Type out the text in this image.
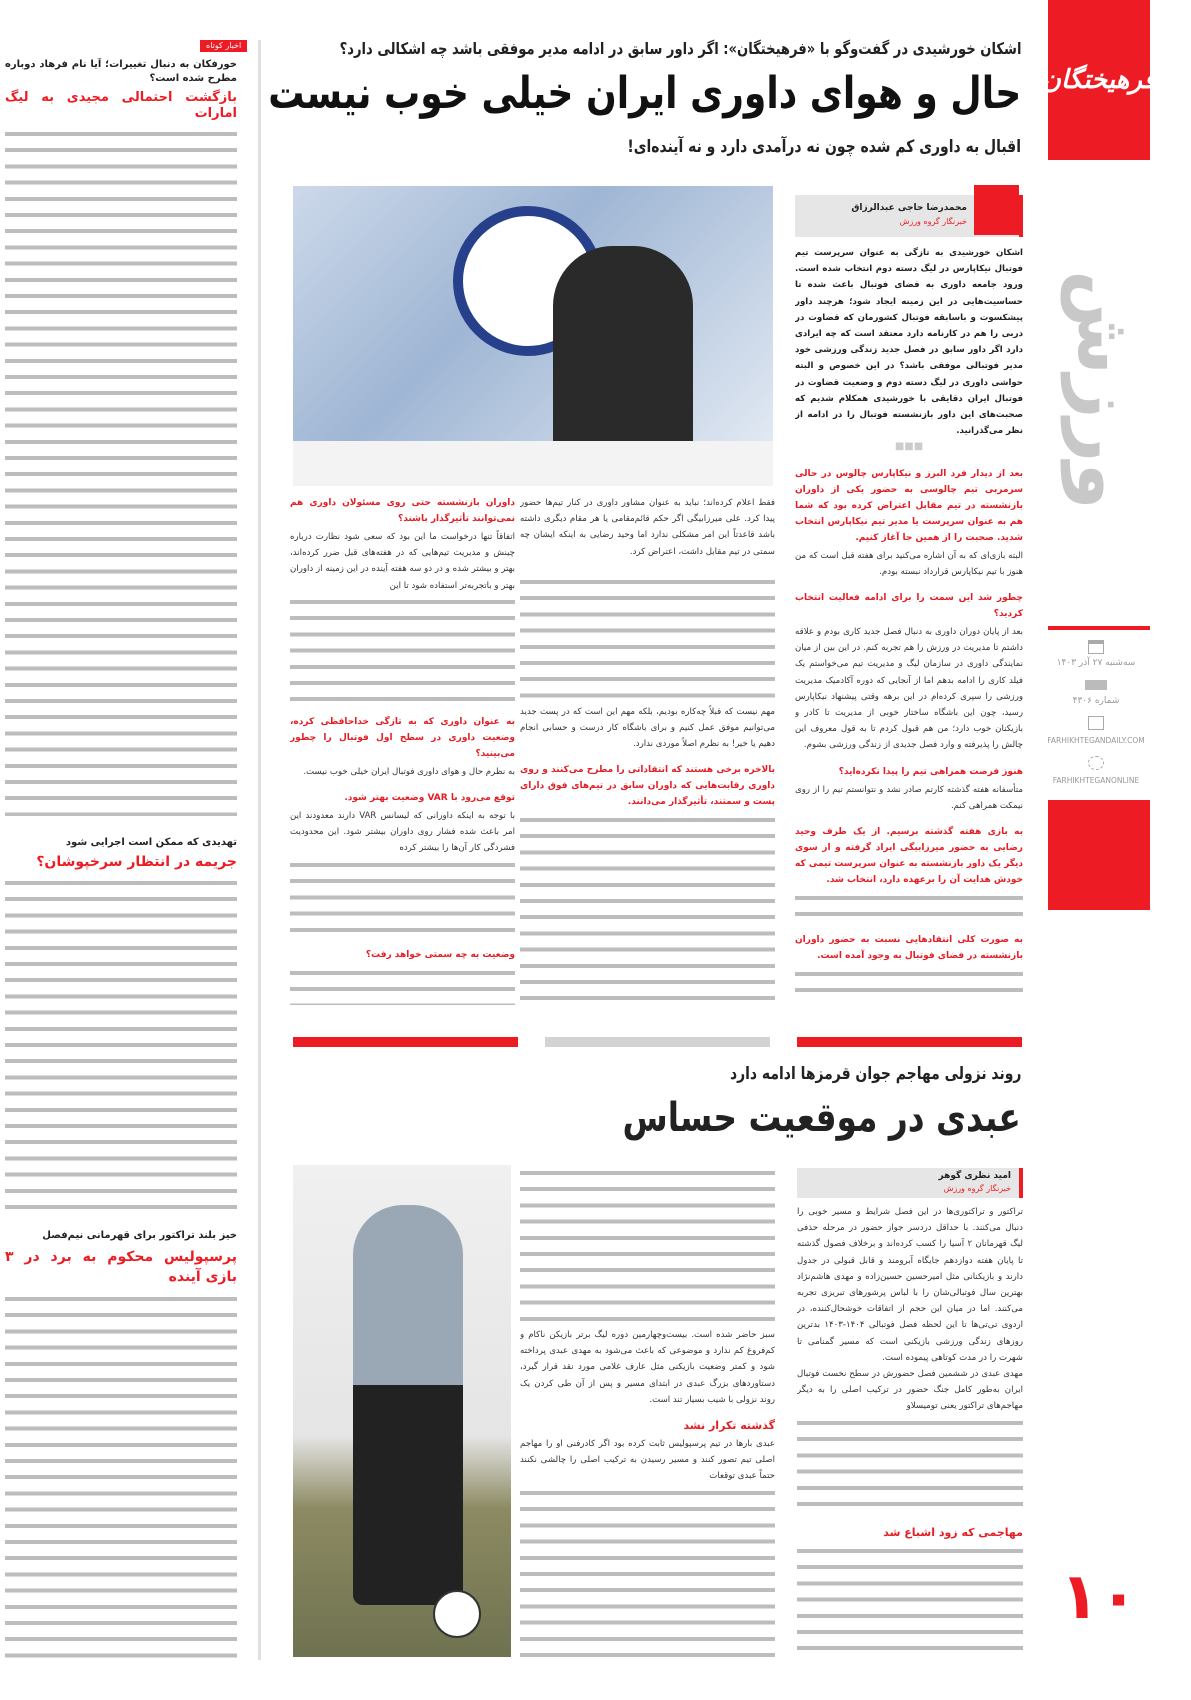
فرهیختگان
ورزش
سه‌شنبه ۲۷ آذر ۱۴۰۳
شماره ۴۳۰۶
FARHIKHTEGANDAILY.COM
FARHIKHTEGANONLINE
۱۰
اشکان خورشیدی در گفت‌وگو با «فرهیختگان»: اگر داور سابق در ادامه مدیر موفقی باشد چه اشکالی دارد؟
حال و هوای داوری ایران خیلی خوب نیست
اقبال به داوری کم شده چون نه درآمدی دارد و نه آینده‌ای!
محمدرضا حاجی عبدالرزاق
خبرنگار گروه ورزش

اشکان خورشیدی به تازگی به عنوان سرپرست تیم فوتبال نیکاپارس در لیگ دسته دوم انتخاب شده است. ورود جامعه داوری به فضای فوتبال باعث شده تا حساسیت‌هایی در این زمینه ایجاد شود؛ هرچند داور پیشکسوت و باسابقه فوتبال کشورمان که قضاوت در دربی را هم در کارنامه دارد معتقد است که چه ایرادی دارد اگر داور سابق در فصل جدید زندگی ورزشی خود مدیر فوتبالی موفقی باشد؟ در این خصوص و البته حواشی داوری در لیگ دسته دوم و وضعیت قضاوت در فوتبال ایران دقایقی با خورشیدی همکلام شدیم که صحبت‌های این داور بازنشسته فوتبال را در ادامه از نظر می‌گذرانید.

■■■

بعد از دیدار فرد البرز و نیکاپارس چالوس در حالی سرمربی تیم چالوسی به حضور یکی از داوران بازنشسته در تیم مقابل اعتراض کرده بود که شما هم به عنوان سرپرست یا مدیر تیم نیکاپارس انتخاب شدید. صحبت را از همین جا آغاز کنیم.

البته بازی‌ای که به آن اشاره می‌کنید برای هفته قبل است که من هنوز با تیم نیکاپارس قرارداد نبسته بودم.

چطور شد این سمت را برای ادامه فعالیت انتخاب کردید؟

بعد از پایان دوران داوری به دنبال فصل جدید کاری بودم و علاقه داشتم تا مدیریت در ورزش را هم تجربه کنم. در این بین از میان نمایندگی داوری در سازمان لیگ و مدیریت تیم می‌خواستم یک فیلد کاری را ادامه بدهم اما از آنجایی که دوره آکادمیک مدیریت ورزشی را سپری کرده‌ام در این برهه وقتی پیشنهاد نیکاپارس رسید، چون این باشگاه ساختار خوبی از مدیریت تا کادر و بازیکنان خوب دارد؛ من هم قبول کردم تا به قول معروف این چالش را پذیرفته و وارد فصل جدیدی از زندگی ورزشی بشوم.

هنوز فرصت همراهی تیم را پیدا نکرده‌اید؟

متأسفانه هفته گذشته کارتم صادر نشد و نتوانستم تیم را از روی نیمکت همراهی کنم.

به بازی هفته گذشته برسیم. از یک طرف وحید رضایی به حضور میرزابیگی ایراد گرفته و از سوی دیگر یک داور بازنشسته به عنوان سرپرست تیمی که خودش هدایت آن را برعهده دارد، انتخاب شد.

به صورت کلی انتقادهایی نسبت به حضور داوران بازنشسته در فضای فوتبال به وجود آمده است.

فقط اعلام کرده‌اند؛ نباید به عنوان مشاور داوری در کنار تیم‌ها حضور پیدا کرد. علی میرزابیگی اگر حکم قائم‌مقامی یا هر مقام دیگری داشته باشد قاعدتاً این امر مشکلی ندارد اما وحید رضایی به اینکه ایشان چه سمتی در تیم مقابل داشت، اعتراض کرد.

مهم نیست که قبلاً چه‌کاره بودیم، بلکه مهم این است که در پست جدید می‌توانیم موفق عمل کنیم و برای باشگاه کار درست و حسابی انجام دهیم یا خیر! به نظرم اصلاً موردی ندارد.

بالاخره برخی هستند که انتقاداتی را مطرح می‌کنند و روی داوری رقابت‌هایی که داوران سابق در تیم‌های فوق دارای پست و سمتند، تأثیرگذار می‌دانند.

داوران بازنشسته حتی روی مسئولان داوری هم نمی‌توانند تأثیرگذار باشند؟

اتفاقاً تنها درخواست ما این بود که سعی شود نظارت درباره چینش و مدیریت تیم‌هایی که در هفته‌های قبل ضرر کرده‌اند، بهتر و بیشتر شده و در دو سه هفته آینده در این زمینه از داوران بهتر و باتجربه‌تر استفاده شود تا این

به عنوان داوری که به تازگی خداحافظی کرده، وضعیت داوری در سطح اول فوتبال را چطور می‌بینید؟

به نظرم حال و هوای داوری فوتبال ایران خیلی خوب نیست.

توقع می‌رود با VAR وضعیت بهتر شود.

با توجه به اینکه داورانی که لیسانس VAR دارند معدودند این امر باعث شده فشار روی داوران بیشتر شود. این محدودیت فشردگی کار آن‌ها را بیشتر کرده

وضعیت به چه سمتی خواهد رفت؟

روند نزولی مهاجم جوان قرمزها ادامه دارد
عبدی در موقعیت حساس
امید نظری گوهر
خبرنگار گروه ورزش

تراکتور و تراکتوری‌ها در این فصل شرایط و مسیر خوبی را دنبال می‌کنند. با حداقل دردسر جواز حضور در مرحله حذفی لیگ قهرمانان ۲ آسیا را کسب کرده‌اند و برخلاف فصول گذشته تا پایان هفته دوازدهم جایگاه آبرومند و قابل قبولی در جدول دارند و بازیکنانی مثل امیرحسین حسین‌زاده و مهدی هاشم‌نژاد بهترین سال فوتبالی‌شان را با لباس پرشورهای تبریزی تجربه می‌کنند. اما در میان این حجم از اتفاقات خوشحال‌کننده، در اردوی تی‌تی‌ها تا این لحظه فصل فوتبالی ۱۴۰۴-۱۴۰۳ بدترین روزهای زندگی ورزشی بازیکنی است که مسیر گمنامی تا شهرت را در مدت کوتاهی پیموده است.

مهدی عبدی در ششمین فصل حضورش در سطح نخست فوتبال ایران به‌طور کامل جنگ حضور در ترکیب اصلی را به دیگر مهاجم‌های تراکتور یعنی تومیسلاو

مهاجمی که زود اشباع شد

سبز حاضر شده است. بیست‌وچهارمین دوره لیگ برتر بازیکن ناکام و کم‌فروغ کم ندارد و موضوعی که باعث می‌شود به مهدی عبدی پرداخته شود و کمتر وضعیت بازیکنی مثل عارف غلامی مورد نقد قرار گیرد، دستاوردهای بزرگ عبدی در ابتدای مسیر و پس از آن طی کردن یک روند نزولی با شیب بسیار تند است.

گذشته تکرار نشد

عبدی بارها در تیم پرسپولیس ثابت کرده بود اگر کادرفنی او را مهاجم اصلی تیم تصور کنند و مسیر رسیدن به ترکیب اصلی را چالشی نکنند حتماً عبدی توقعات

اخبار کوتاه
خورفکان به دنبال تغییرات؛ آیا نام فرهاد دوباره مطرح شده است؟
بازگشت احتمالی مجیدی به لیگ امارات
تهدیدی که ممکن است اجرایی شود
جریمه در انتظار سرخپوشان؟
خیز بلند تراکتور برای قهرمانی نیم‌فصل
پرسپولیس محکوم به برد در ۳ بازی آینده
